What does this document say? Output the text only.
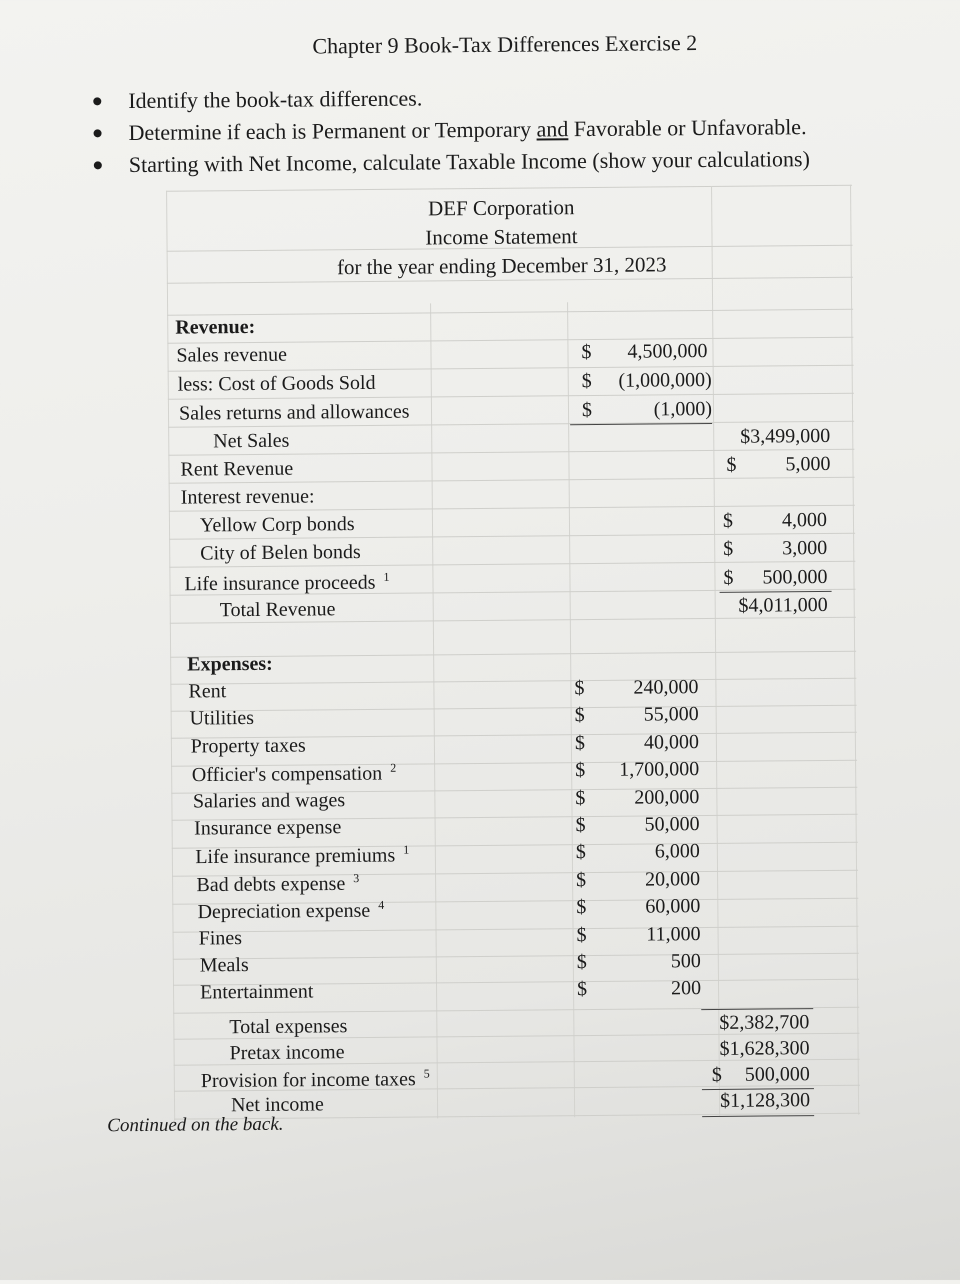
Chapter 9 Book-Tax Differences Exercise 2
Identify the book-tax differences.
Determine if each is Permanent or Temporary and Favorable or Unfavorable.
Starting with Net Income, calculate Taxable Income (show your calculations)
DEF Corporation
Income Statement
for the year ending December 31, 2023
Revenue:
Sales revenue	$	4,500,000
less: Cost of Goods Sold	$	(1,000,000)
Sales returns and allowances	$	(1,000)
Net Sales	$3,499,000
Rent Revenue	$	5,000
Interest revenue:
Yellow Corp bonds	$	4,000
City of Belen bonds	$	3,000
Life insurance proceeds $^1$	$	500,000
Total Revenue	$4,011,000
Expenses:
Rent	$	240,000
Utilities	$	55,000
Property taxes	$	40,000
Officier's compensation $^2$	$	1,700,000
Salaries and wages	$	200,000
Insurance expense	$	50,000
Life insurance premiums $^1$	$	6,000
Bad debts expense $^3$	$	20,000
Depreciation expense $^4$	$	60,000
Fines	$	11,000
Meals	$	500
Entertainment	$	200
Total expenses	$2,382,700
Pretax income	$1,628,300
Provision for income taxes $^5$	$	500,000
Net income	$1,128,300
Continued on the back.
